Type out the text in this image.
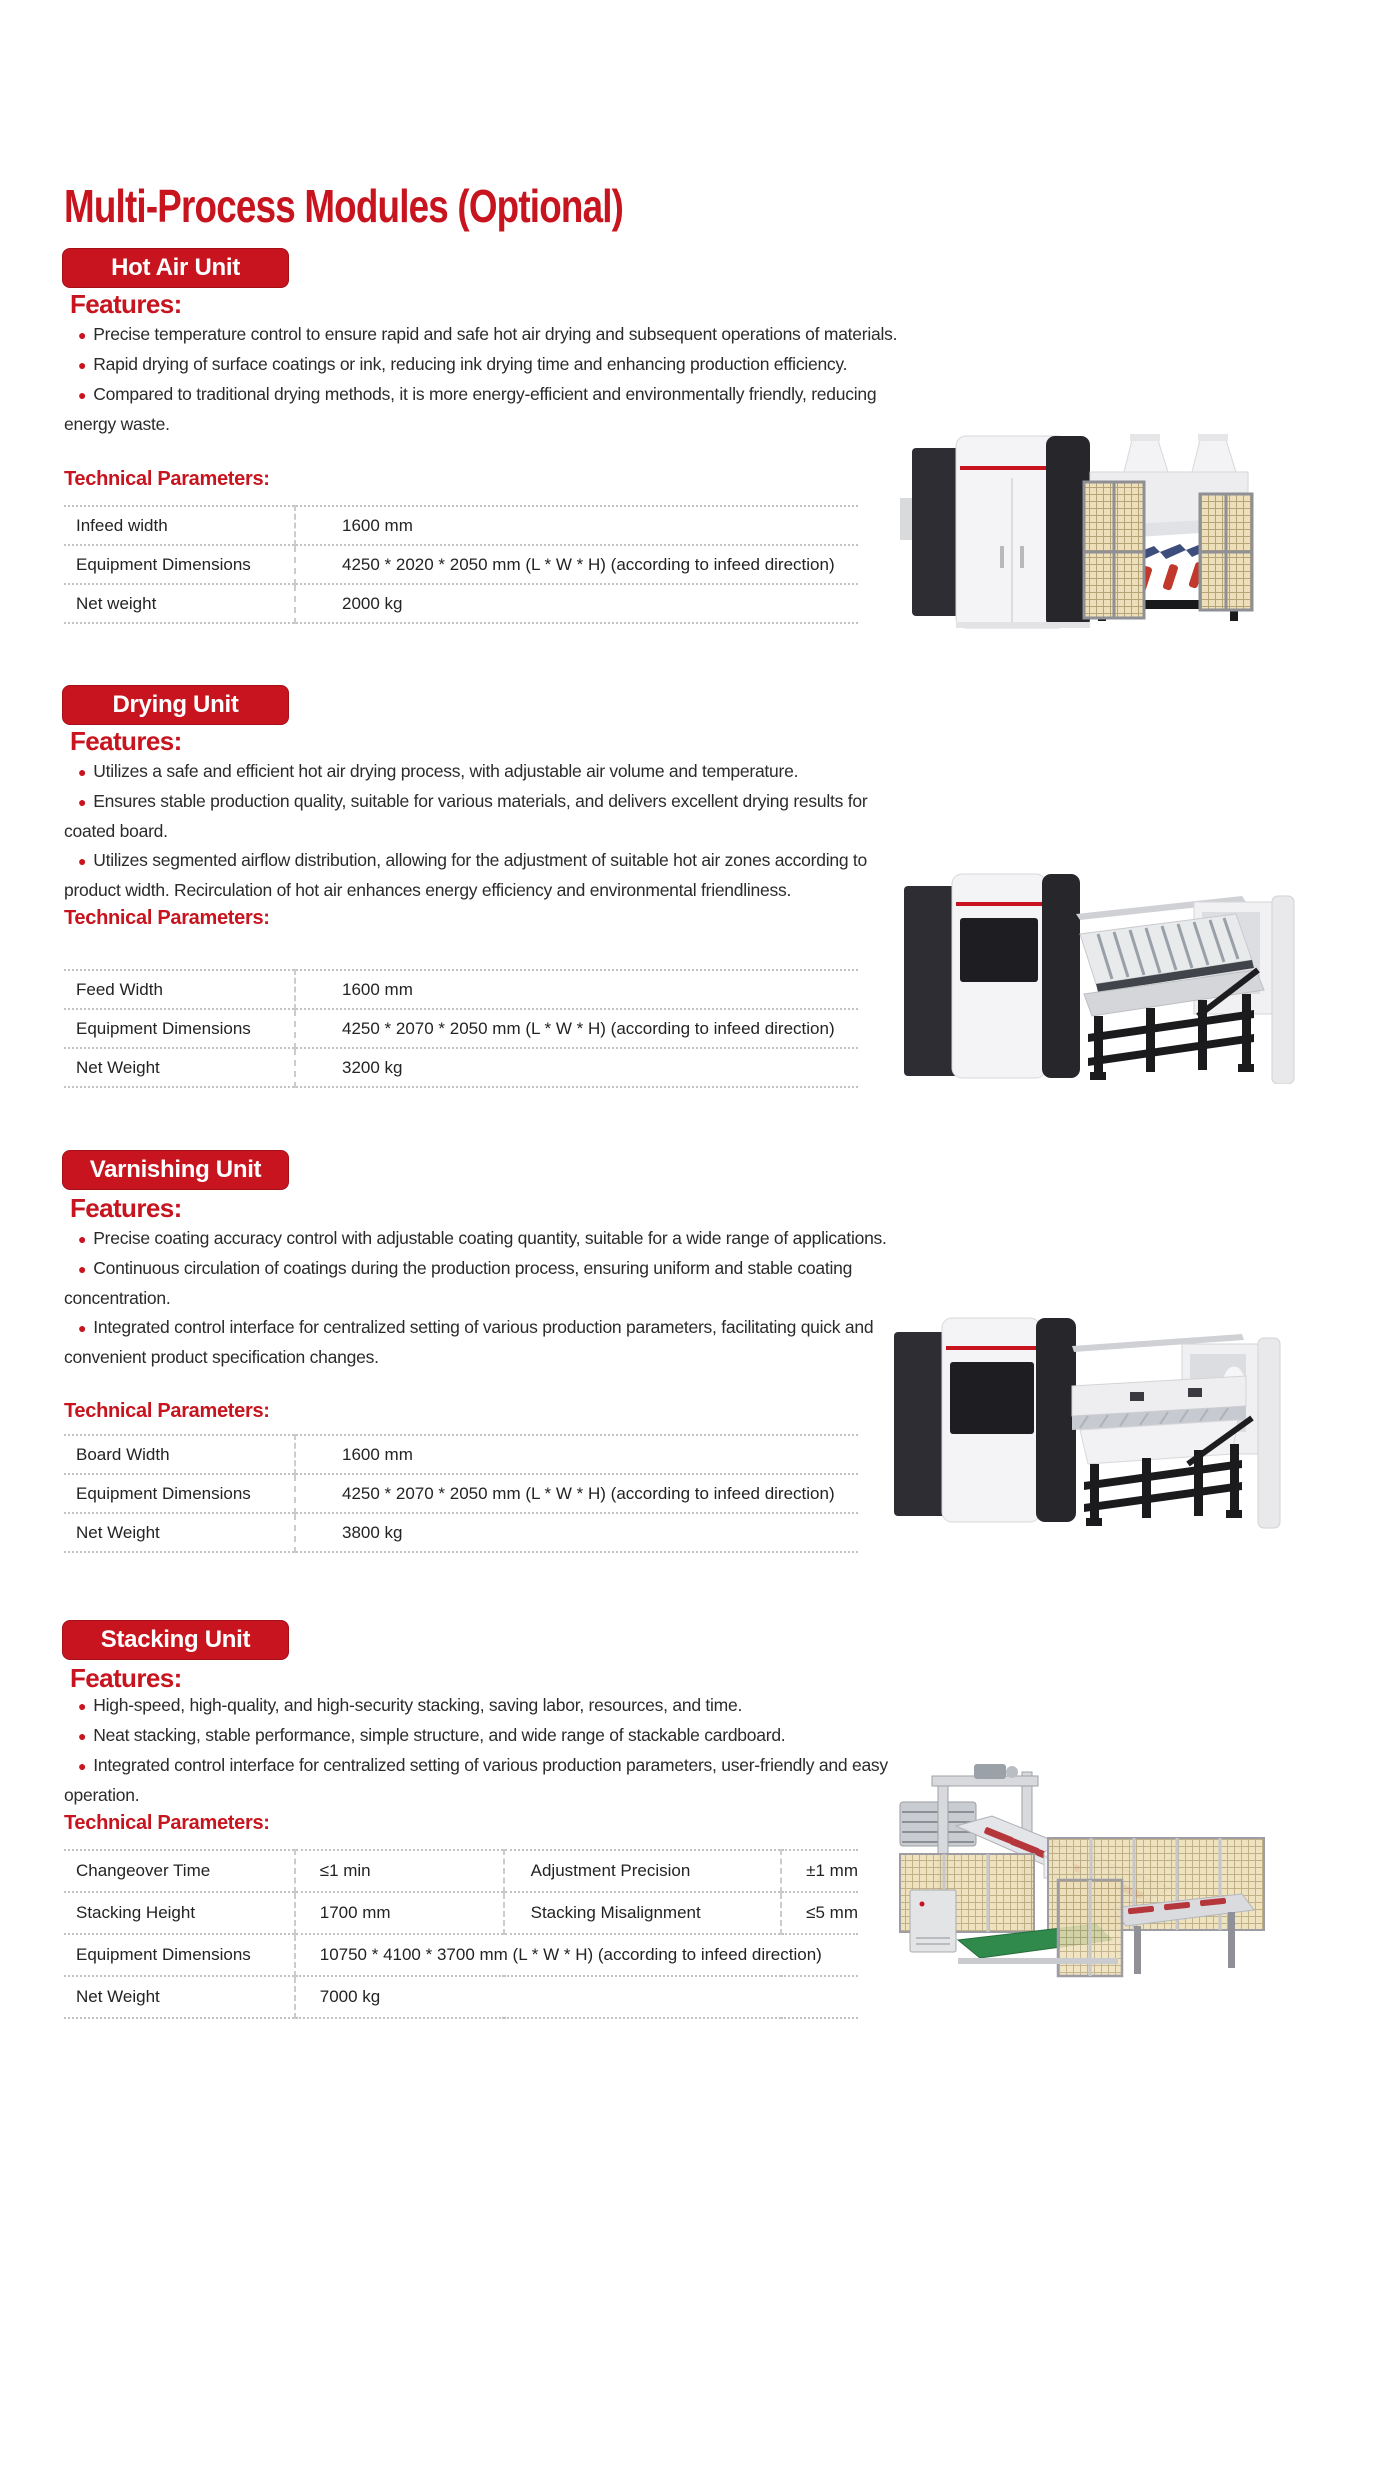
Multi-Process Modules (Optional)
Hot Air Unit
Features:

● Precise temperature control to ensure rapid and safe hot air drying and subsequent operations of materials.

● Rapid drying of surface coatings or ink, reducing ink drying time and enhancing production efficiency.

● Compared to traditional drying methods, it is more energy-efficient and environmentally friendly, reducing energy waste.

Technical Parameters:
Infeed width	1600 mm
Equipment Dimensions	4250 * 2020 * 2050 mm (L * W * H) (according to infeed direction)
Net weight	2000 kg
Drying Unit
Features:

● Utilizes a safe and efficient hot air drying process, with adjustable air volume and temperature.

● Ensures stable production quality, suitable for various materials, and delivers excellent drying results for coated board.

● Utilizes segmented airflow distribution, allowing for the adjustment of suitable hot air zones according to product width. Recirculation of hot air enhances energy efficiency and environmental friendliness.

Technical Parameters:
Feed Width	1600 mm
Equipment Dimensions	4250 * 2070 * 2050 mm (L * W * H) (according to infeed direction)
Net Weight	3200 kg
Varnishing Unit
Features:

● Precise coating accuracy control with adjustable coating quantity, suitable for a wide range of applications.

● Continuous circulation of coatings during the production process, ensuring uniform and stable coating concentration.

● Integrated control interface for centralized setting of various production parameters, facilitating quick and convenient product specification changes.

Technical Parameters:
Board Width	1600 mm
Equipment Dimensions	4250 * 2070 * 2050 mm (L * W * H) (according to infeed direction)
Net Weight	3800 kg
Stacking Unit
Features:

● High-speed, high-quality, and high-security stacking, saving labor, resources, and time.

● Neat stacking, stable performance, simple structure, and wide range of stackable cardboard.

● Integrated control interface for centralized setting of various production parameters, user-friendly and easy operation.

Technical Parameters:
Changeover Time	≤1 min	Adjustment Precision	±1 mm
Stacking Height	1700 mm	Stacking Misalignment	≤5 mm
Equipment Dimensions	10750 * 4100 * 3700 mm (L * W * H) (according to infeed direction)		
Net Weight	7000 kg		
